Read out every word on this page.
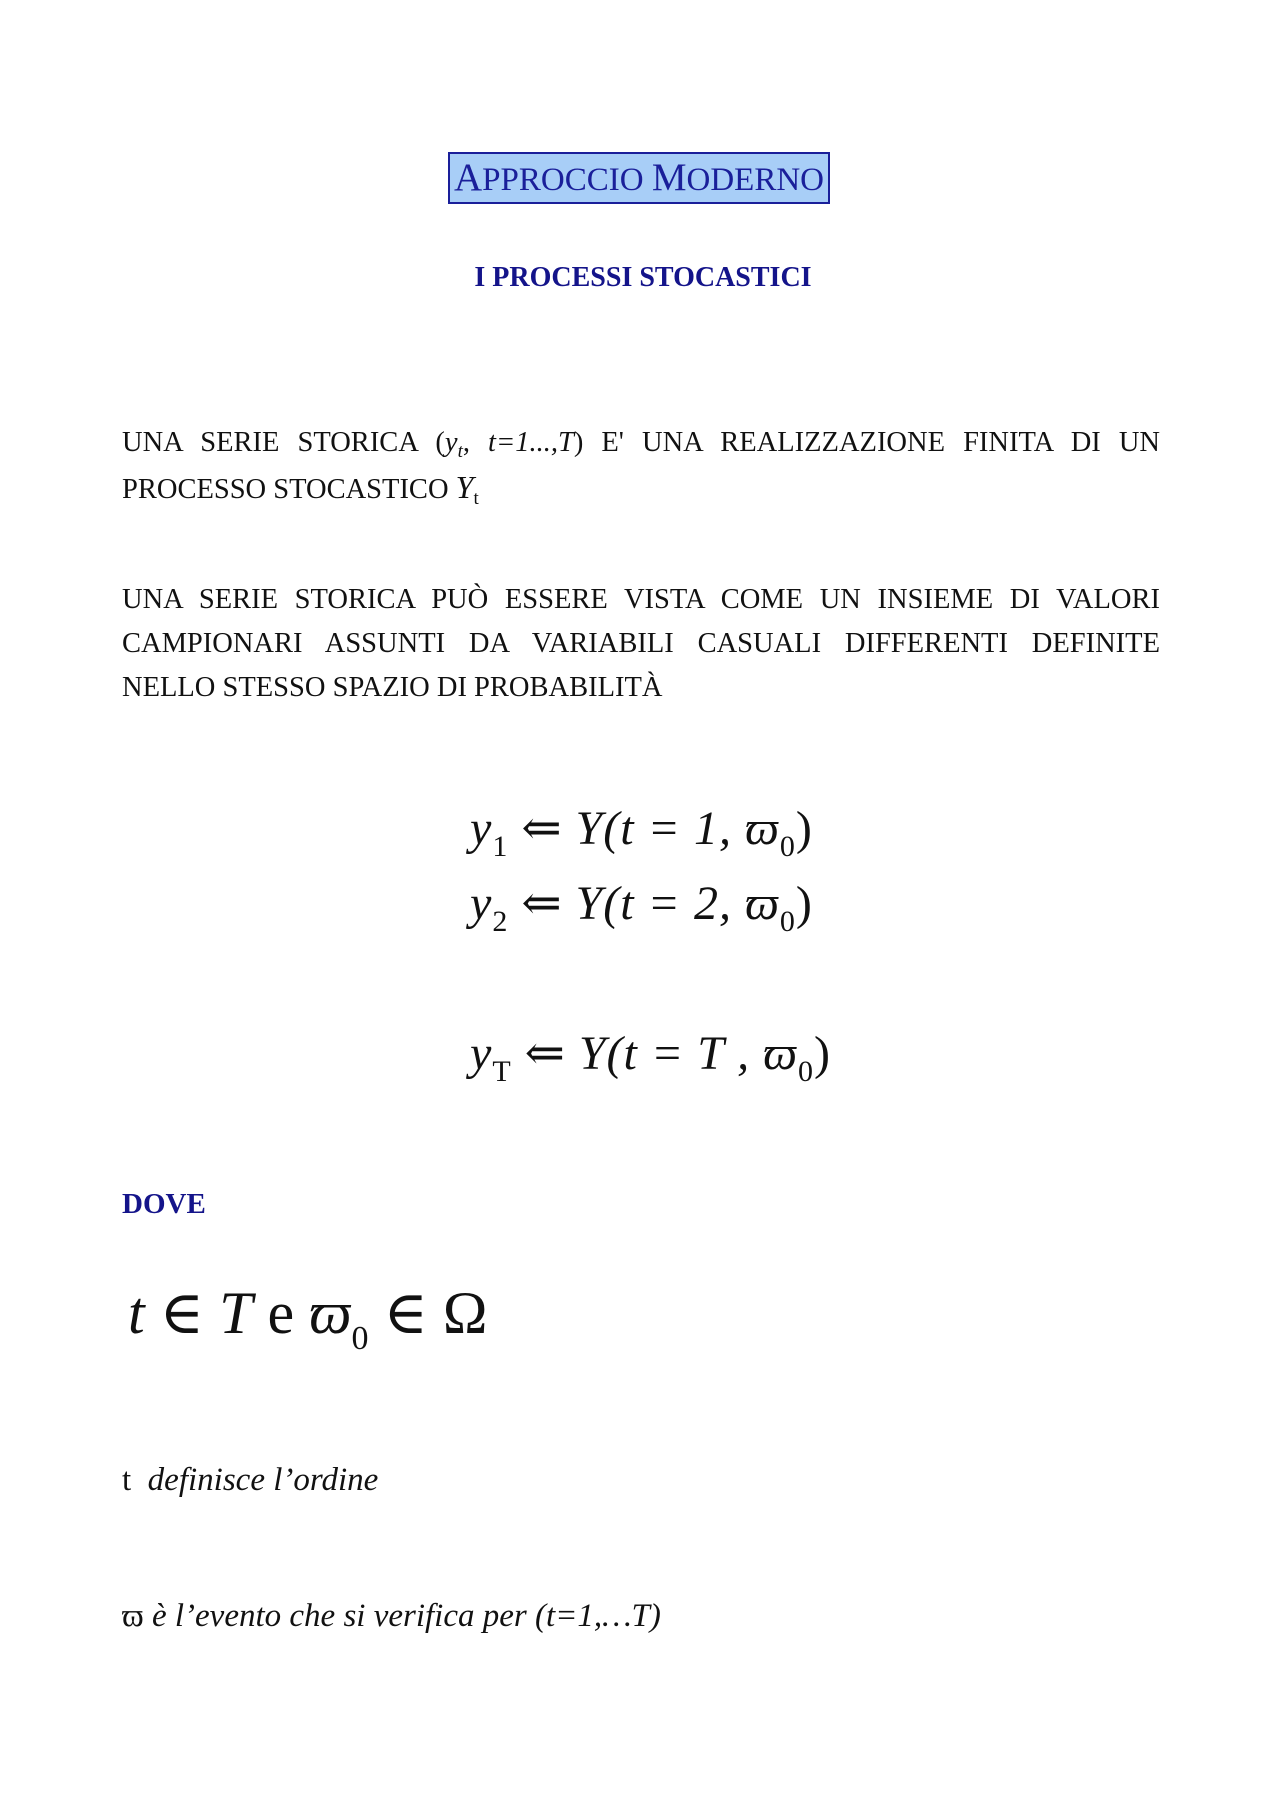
APPROCCIO MODERNO
I PROCESSI STOCASTICI
UNA SERIE STORICA ($y_t$, t=1...,T) E' UNA REALIZZAZIONE FINITA DI UN PROCESSO STOCASTICO $Y_t$
UNA SERIE STORICA PUÒ ESSERE VISTA COME UN INSIEME DI VALORI CAMPIONARI ASSUNTI DA VARIABILI CASUALI DIFFERENTI DEFINITE NELLO STESSO SPAZIO DI PROBABILITÀ
$y_1$ ⇐ Y(t = 1, $ϖ_0$)
$y_2$ ⇐ Y(t = 2, $ϖ_0$)
$y_T$ ⇐ Y(t = T , $ϖ_0$)
DOVE
t ∈ T e $ϖ_0$ ∈ Ω
t definisce l’ordine
ϖ è l’evento che si verifica per (t=1,…T)
